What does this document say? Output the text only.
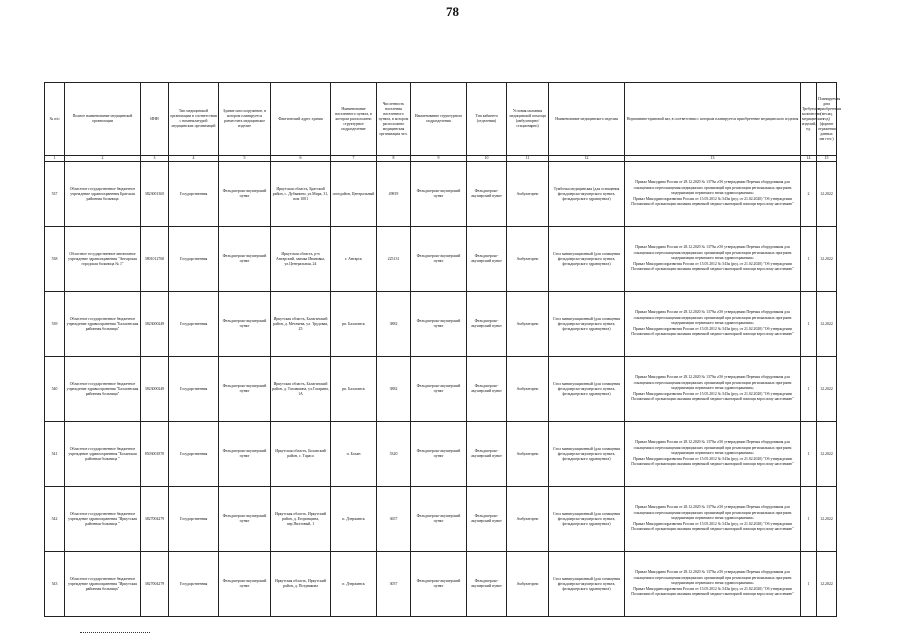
78
№ п/п	Полное наименование медицинской организации	ИНН	Тип медицинской организации в соответствии с номенклатурой медицинских организаций	Здание или сооружение, в котором планируется разместить медицинское изделие	Фактический адрес здания	Наименование населенного пункта, в котором расположено структурное подразделение	Численность населения населенного пункта, в котором расположено медицинская организация чел.	Наименование структурного подразделения	Тип кабинета (отделения)	Условия оказания медицинской помощи (амбулаторно/ стационарно)	Наименование медицинского изделия	Нормативно-правовой акт, в соответствии с которым планируется приобретение медицинского изделия	Требуемое количество медицинских изделий, ед.	Планируемая дата приобретения (месяц, год) (формат отражения данных мм гггг.)
1	2	3	4	5	6	7	8	9	10	11	12	13	14	15
537	Областное государственное бюджетное учреждение здравоохранения Братская районная больница	3823001365	Государственная	Фельдшерско-акушерский пункт	Иркутская область, Братский район, с. Дубынино, ул.Мира, 31, пом 1001	погодайон, Центральный	49819	Фельдшерско-акушерский пункт	Фельдшерско-акушерский пункт	Амбулаторно	Тумбочка медицинская (для оснащения фельдшерско-акушерского пункта, фельдшерского здравпункта)	Приказ Минздрава России от 28.12.2020 № 1379н «Об утверждении Перечня оборудования для оснащения и переоснащения медицинских организаций при реализации региональных программ модернизации первичного звена здравоохранения»
Приказ Минздравсоцразвития России от 15.05.2012 № 543н (ред. от 21.02.2020) "Об утверждении Положения об организации оказания первичной медико-санитарной помощи взрослому населению"	2	12.2022
538	Областное государственное автономное учреждение здравоохранения "Ангарская городская больница № 1"	3801012760	Государственная	Фельдшерско-акушерский пункт	Иркутская область, р-н Ангарский, заимка Ивановка, ул.Центральная, 24	г. Ангарск	225131	Фельдшерско-акушерский пункт	Фельдшерско-акушерский пункт	Амбулаторно	Стол манипуляционный (для оснащения фельдшерско-акушерского пункта, фельдшерского здравпункта)	Приказ Минздрава России от 28.12.2020 № 1379н «Об утверждении Перечня оборудования для оснащения и переоснащения медицинских организаций при реализации региональных программ модернизации первичного звена здравоохранения»
Приказ Минздравсоцразвития России от 15.05.2012 № 543н (ред. от 21.02.2020) "Об утверждении Положения об организации оказания первичной медико-санитарной помощи взрослому населению"	1	12.2022
539	Областное государственное бюджетное учреждение здравоохранения "Балаганская районная больница"	3823000249	Государственная	Фельдшерско-акушерский пункт	Иркутская область, Балаганский район, д. Метляева, ул. Трудовая, 25	рп. Балаганск	3882	Фельдшерско-акушерский пункт	Фельдшерско-акушерский пункт	Амбулаторно	Стол манипуляционный (для оснащения фельдшерско-акушерского пункта, фельдшерского здравпункта)	Приказ Минздрава России от 28.12.2020 № 1379н «Об утверждении Перечня оборудования для оснащения и переоснащения медицинских организаций при реализации региональных программ модернизации первичного звена здравоохранения»
Приказ Минздравсоцразвития России от 15.05.2012 № 543н (ред. от 21.02.2020) "Об утверждении Положения об организации оказания первичной медико-санитарной помощи взрослому населению"	1	12.2022
540	Областное государственное бюджетное учреждение здравоохранения "Балаганская районная больница"	3823000249	Государственная	Фельдшерско-акушерский пункт	Иркутская область, Балаганский район, д. Таховшина, ул.Гагарина, 1А	рп. Балаганск	3882	Фельдшерско-акушерский пункт	Фельдшерско-акушерский пункт	Амбулаторно	Стол манипуляционный (для оснащения фельдшерско-акушерского пункта, фельдшерского здравпункта)	Приказ Минздрава России от 28.12.2020 № 1379н «Об утверждении Перечня оборудования для оснащения и переоснащения медицинских организаций при реализации региональных программ модернизации первичного звена здравоохранения»
Приказ Минздравсоцразвития России от 15.05.2012 № 543н (ред. от 21.02.2020) "Об утверждении Положения об организации оказания первичной медико-санитарной помощи взрослому населению"	1	12.2022
541	Областное государственное бюджетное учреждение здравоохранения "Боханская районная больница "	8503001870	Государственная	Фельдшерско-акушерский пункт	Иркутская область, Боханский район, с. Тараса	п. Бохан	5320	Фельдшерско-акушерский пункт	Фельдшерско-акушерский пункт	Амбулаторно	Стол манипуляционный (для оснащения фельдшерско-акушерского пункта, фельдшерского здравпункта)	Приказ Минздрава России от 28.12.2020 № 1379н «Об утверждении Перечня оборудования для оснащения и переоснащения медицинских организаций при реализации региональных программ модернизации первичного звена здравоохранения»
Приказ Минздравсоцразвития России от 15.05.2012 № 543н (ред. от 21.02.2020) "Об утверждении Положения об организации оказания первичной медико-санитарной помощи взрослому населению"	1	12.2022
542	Областное государственное бюджетное учреждение здравоохранения "Иркутская районная больница "	3827004279	Государственная	Фельдшерско-акушерский пункт	Иркутская область, Иркутский район, д. Егоровщина, пер.Пихтовый, 1	п. Дзержинск	3657	Фельдшерско-акушерский пункт	Фельдшерско-акушерский пункт	Амбулаторно	Стол манипуляционный (для оснащения фельдшерско-акушерского пункта, фельдшерского здравпункта)	Приказ Минздрава России от 28.12.2020 № 1379н «Об утверждении Перечня оборудования для оснащения и переоснащения медицинских организаций при реализации региональных программ модернизации первичного звена здравоохранения»
Приказ Минздравсоцразвития России от 15.05.2012 № 543н (ред. от 21.02.2020) "Об утверждении Положения об организации оказания первичной медико-санитарной помощи взрослому населению"	1	12.2022
543	Областное государственное бюджетное учреждение здравоохранения "Иркутская районная больница"	3827004279	Государственная	Фельдшерско-акушерский пункт	Иркутская область, Иркутский район, д. Позднякова	п. Дзержинск	3057	Фельдшерско-акушерский пункт	Фельдшерско-акушерский пункт	Амбулаторно	Стол манипуляционный (для оснащения фельдшерско-акушерского пункта, фельдшерского здравпункта)	Приказ Минздрава России от 28.12.2020 № 1379н «Об утверждении Перечня оборудования для оснащения и переоснащения медицинских организаций при реализации региональных программ модернизации первичного звена здравоохранения»
Приказ Минздравсоцразвития России от 15.05.2012 № 543н (ред. от 21.02.2020) "Об утверждении Положения об организации оказания первичной медико-санитарной помощи взрослому населению"	1	12.2022
